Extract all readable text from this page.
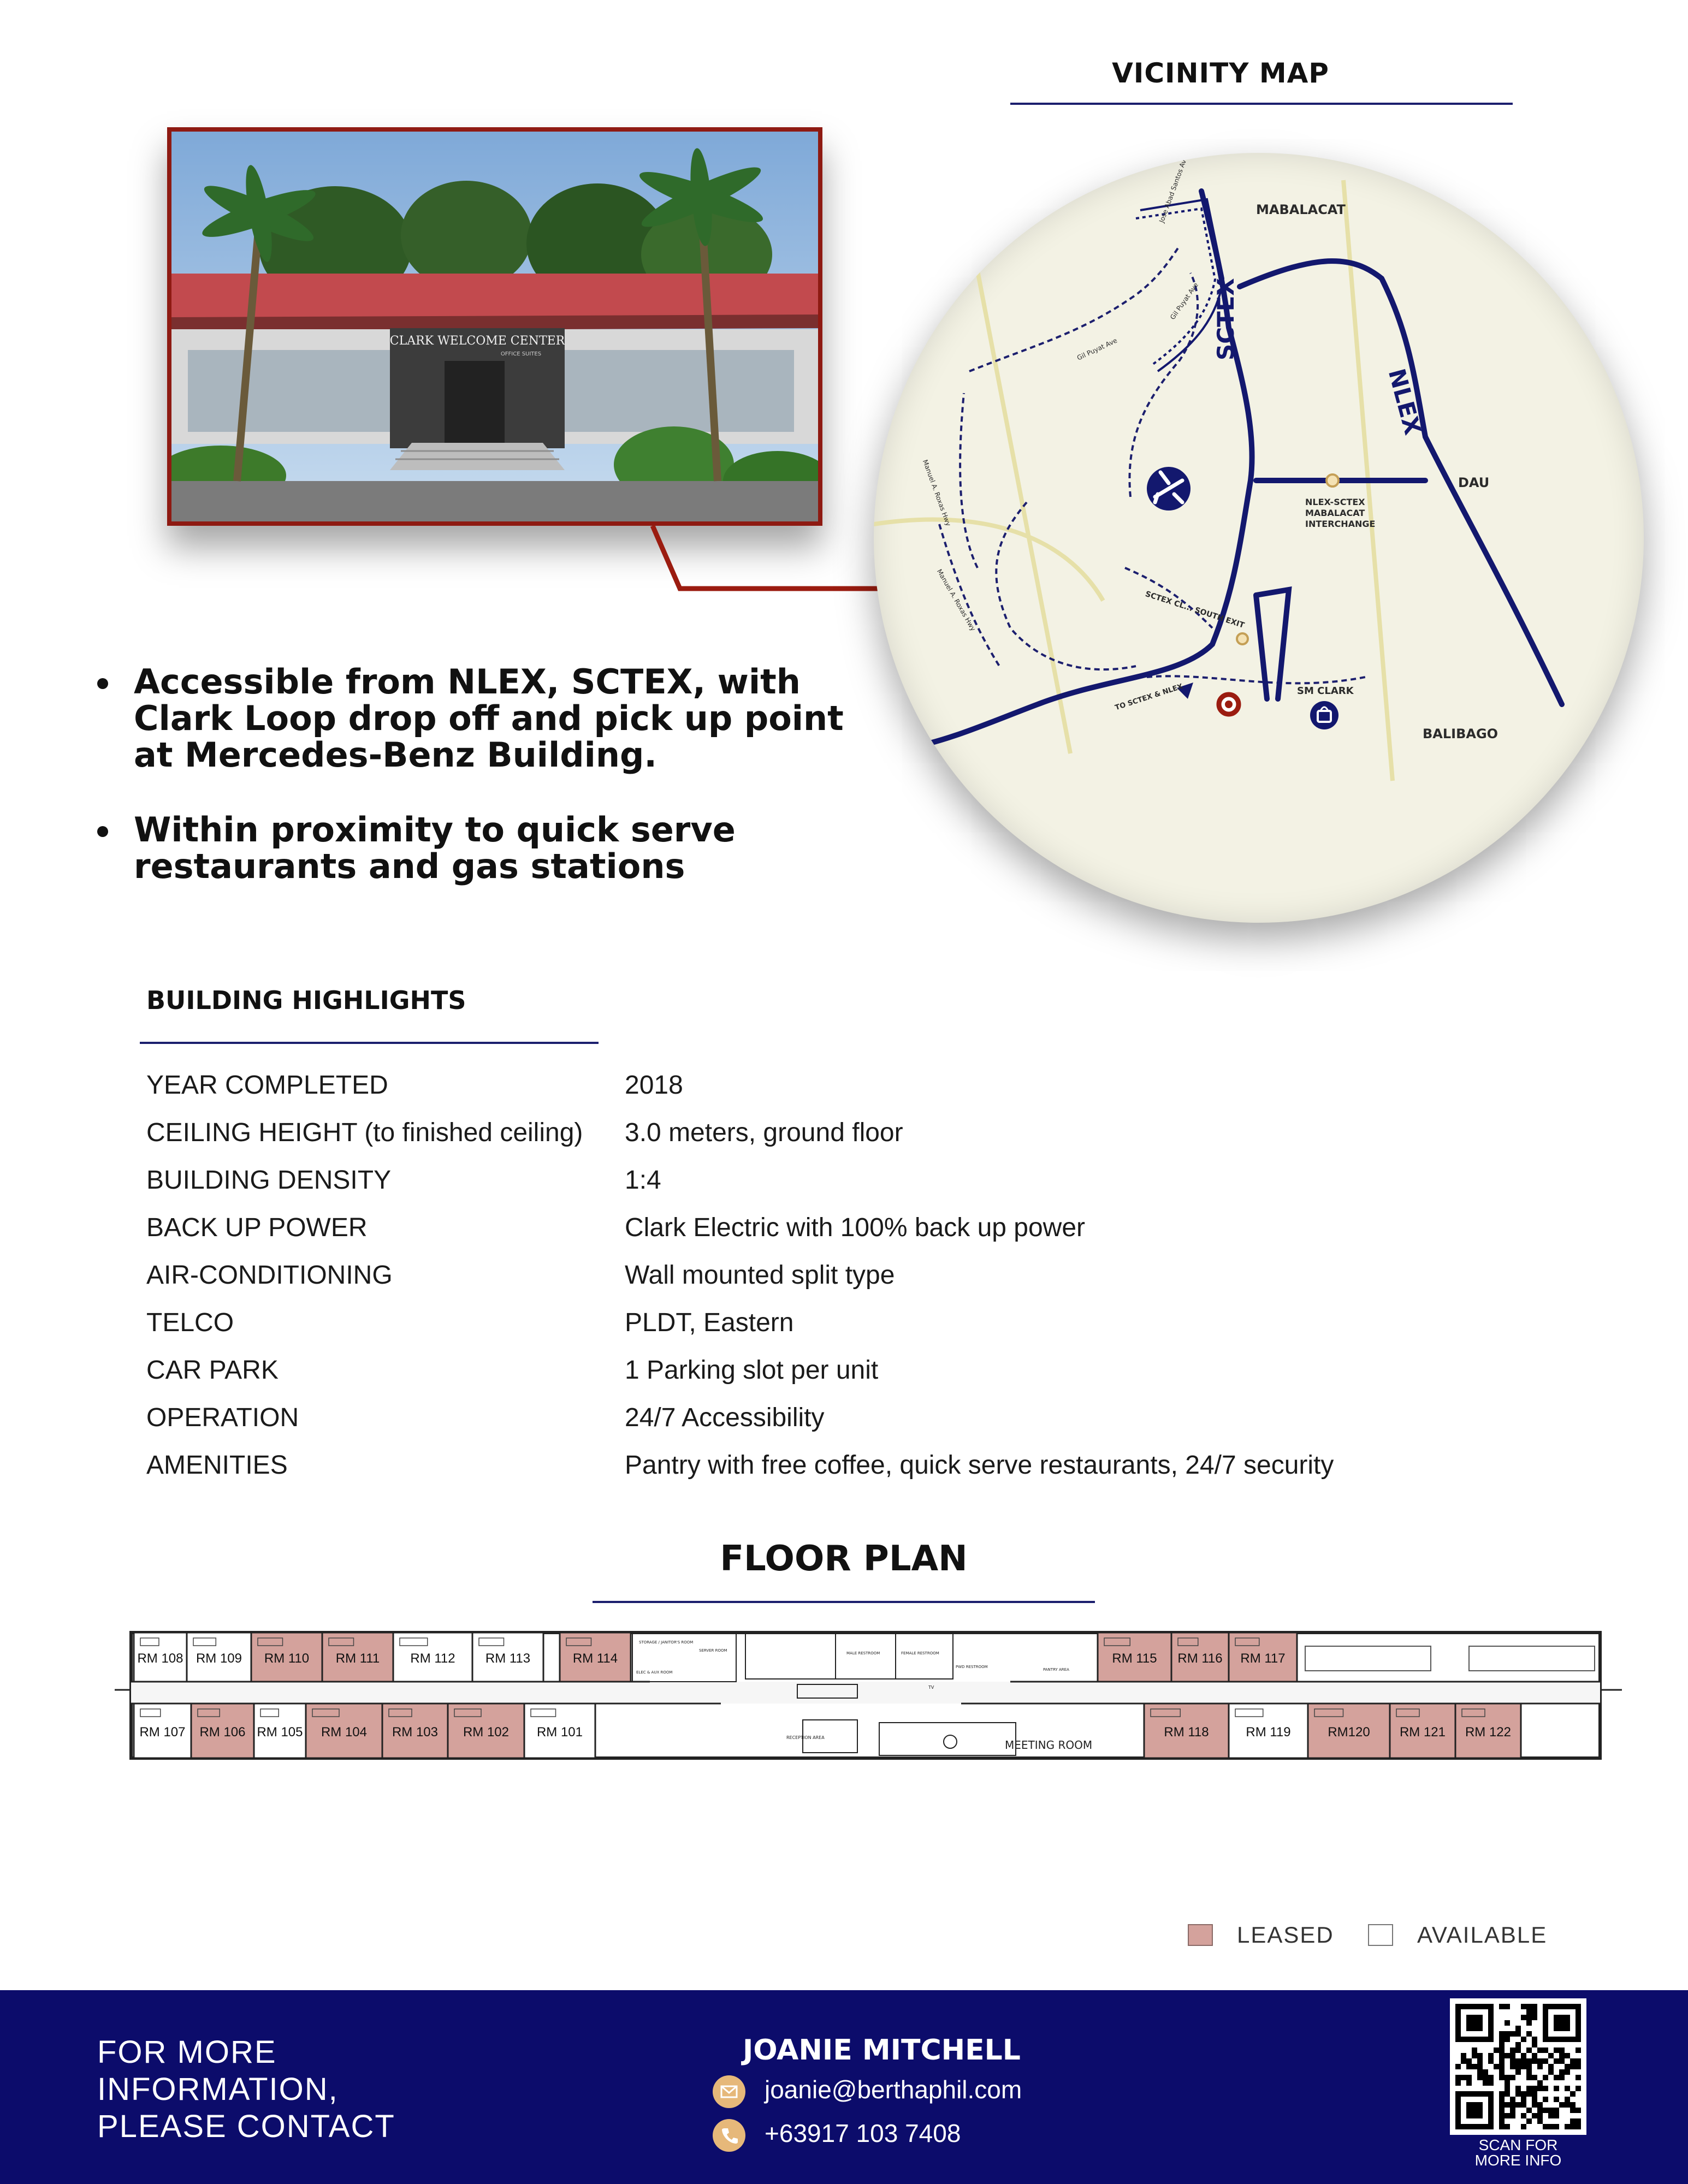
VICINITY MAP
CLARK WELCOME CENTER
OFFICE SUITES
MABALACAT
DAU
BALIBAGO
SCTEX
NLEX
NLEX-SCTEX
MABALACAT
INTERCHANGE
SM CLARK
SCTEX CL... SOUTH EXIT
TO SCTEX & NLEX
Gil Puyat Ave
Gil Puyat Ave
Manuel A. Roxas Hwy
Manuel A. Roxas Hwy
Jose Abad Santos Ave
Accessible from NLEX, SCTEX, with
Clark Loop drop off and pick up point
at Mercedes-Benz Building.
Within proximity to quick serve
restaurants and gas stations
BUILDING HIGHLIGHTS
YEAR COMPLETED	2018
CEILING HEIGHT (to finished ceiling) 3.0 meters, ground floor
BUILDING DENSITY	1:4
BACK UP POWER	Clark Electric with 100% back up power
AIR-CONDITIONING	Wall mounted split type
TELCO	PLDT, Eastern
CAR PARK	1 Parking slot per unit
OPERATION	24/7 Accessibility
AMENITIES	Pantry with free coffee, quick serve restaurants, 24/7 security
FLOOR PLAN
RM 108 RM 109 RM 110 RM 111 RM 112 RM 113	RM 114	RM 115 RM 116 RM 117
RM 107 RM 106 RM 105 RM 104 RM 103 RM 102 RM 101	RM 118	RM 119	RM120 RM 121 RM 122
RECEPTION AREA
MEETING ROOM
STORAGE / JANITOR'S ROOM
SERVER ROOM
ELEC & AUX ROOM
PANTRY AREA
MALE RESTROOM	FEMALE RESTROOM
PWD RESTROOM
TV
LEASED	AVAILABLE
FOR MORE
INFORMATION,
PLEASE CONTACT
JOANIE MITCHELL
joanie@berthaphil.com
+63917 103 7408	SCAN FOR
MORE INFO
